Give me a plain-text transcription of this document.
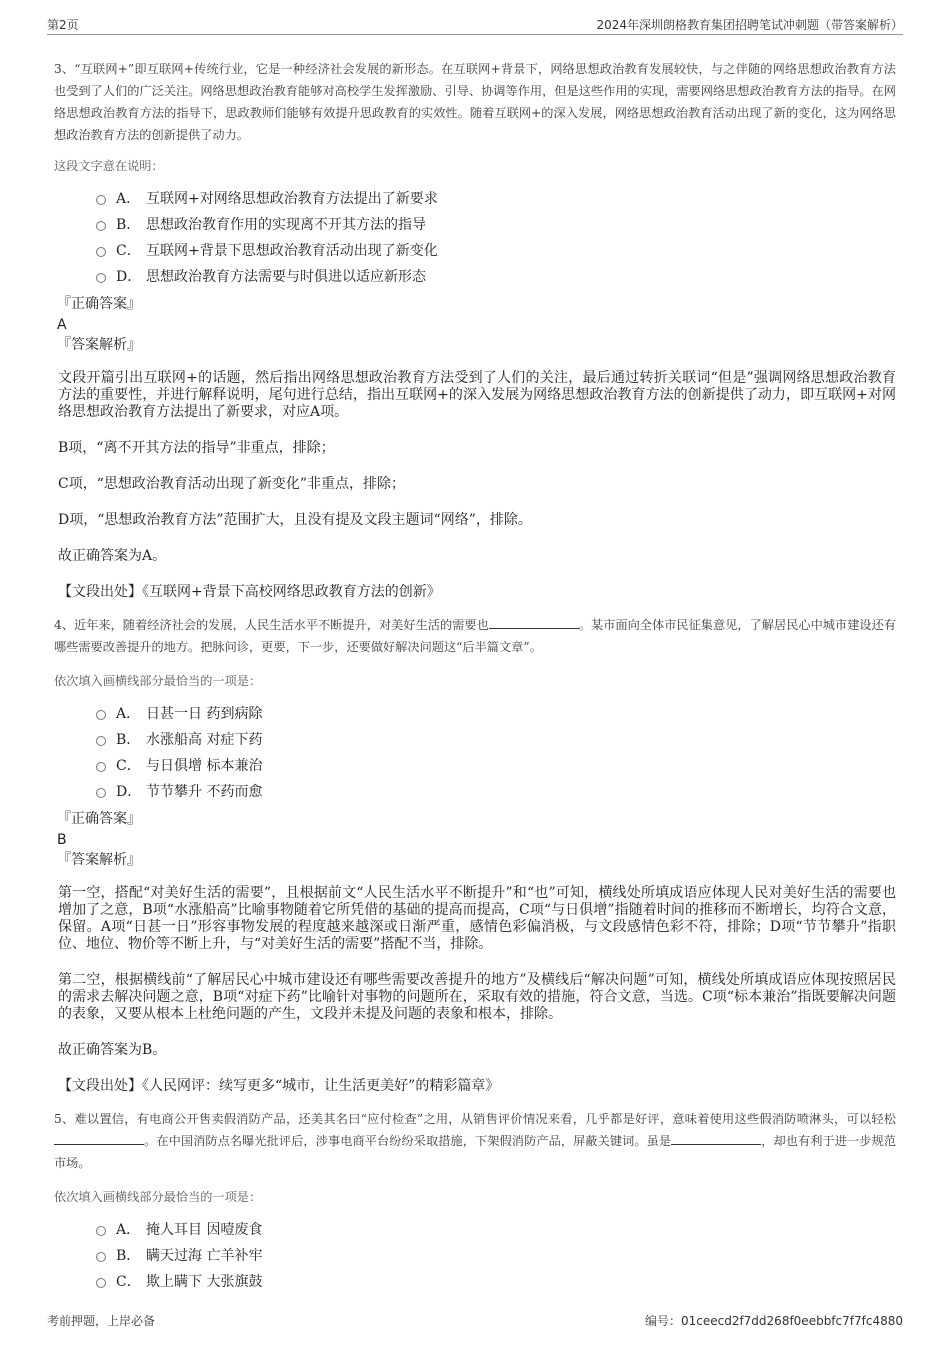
第2页	2024年深圳朗格教育集团招聘笔试冲刺题（带答案解析）

3、“互联网+”即互联网+传统行业，它是一种经济社会发展的新形态。在互联网+背景下，网络思想政治教育发展较快，与之伴随的网络思想政治教育方法也受到了人们的广泛关注。网络思想政治教育能够对高校学生发挥激励、引导、协调等作用，但是这些作用的实现，需要网络思想政治教育方法的指导。在网络思想政治教育方法的指导下，思政教师们能够有效提升思政教育的实效性。随着互联网+的深入发展，网络思想政治教育活动出现了新的变化，这为网络思想政治教育方法的创新提供了动力。

这段文字意在说明：

A． 互联网+对网络思想政治教育方法提出了新要求
B． 思想政治教育作用的实现离不开其方法的指导
C． 互联网+背景下思想政治教育活动出现了新变化
D． 思想政治教育方法需要与时俱进以适应新形态

『正确答案』

A

『答案解析』

文段开篇引出互联网+的话题，然后指出网络思想政治教育方法受到了人们的关注，最后通过转折关联词“但是”强调网络思想政治教育方法的重要性，并进行解释说明，尾句进行总结，指出互联网+的深入发展为网络思想政治教育方法的创新提供了动力，即互联网+对网络思想政治教育方法提出了新要求，对应A项。

B项，“离不开其方法的指导”非重点，排除；

C项，“思想政治教育活动出现了新变化”非重点，排除；

D项，“思想政治教育方法”范围扩大，且没有提及文段主题词“网络”，排除。

故正确答案为A。

【文段出处】《互联网+背景下高校网络思政教育方法的创新》

4、近年来，随着经济社会的发展，人民生活水平不断提升，对美好生活的需要也	。某市面向全体市民征集意见，了解居民心中城市建设还有哪些需要改善提升的地方。把脉问诊，更要，下一步，还要做好解决问题这“后半篇文章”。

依次填入画横线部分最恰当的一项是：

A． 日甚一日 药到病除
B． 水涨船高 对症下药
C． 与日俱增 标本兼治
D． 节节攀升 不药而愈

『正确答案』

B

『答案解析』

第一空，搭配“对美好生活的需要”，且根据前文“人民生活水平不断提升”和“也”可知，横线处所填成语应体现人民对美好生活的需要也增加了之意，B项“水涨船高”比喻事物随着它所凭借的基础的提高而提高，C项“与日俱增”指随着时间的推移而不断增长，均符合文意，保留。A项“日甚一日”形容事物发展的程度越来越深或日渐严重，感情色彩偏消极，与文段感情色彩不符，排除；D项“节节攀升”指职位、地位、物价等不断上升，与“对美好生活的需要”搭配不当，排除。

第二空，根据横线前“了解居民心中城市建设还有哪些需要改善提升的地方”及横线后“解决问题”可知，横线处所填成语应体现按照居民的需求去解决问题之意，B项“对症下药”比喻针对事物的问题所在，采取有效的措施，符合文意，当选。C项“标本兼治”指既要解决问题的表象，又要从根本上杜绝问题的产生，文段并未提及问题的表象和根本，排除。

故正确答案为B。

【文段出处】《人民网评：续写更多“城市，让生活更美好”的精彩篇章》

5、难以置信，有电商公开售卖假消防产品，还美其名曰“应付检查”之用，从销售评价情况来看，几乎都是好评，意味着使用这些假消防喷淋头，可以轻松。在中国消防点名曝光批评后，涉事电商平台纷纷采取措施，下架假消防产品，屏蔽关键词。虽是	，却也有利于进一步规范市场。

依次填入画横线部分最恰当的一项是：

A． 掩人耳目 因噎废食
B． 瞒天过海 亡羊补牢
C． 欺上瞒下 大张旗鼓
考前押题，上岸必备	编号：01ceecd2f7dd268f0eebbfc7f7fc4880
